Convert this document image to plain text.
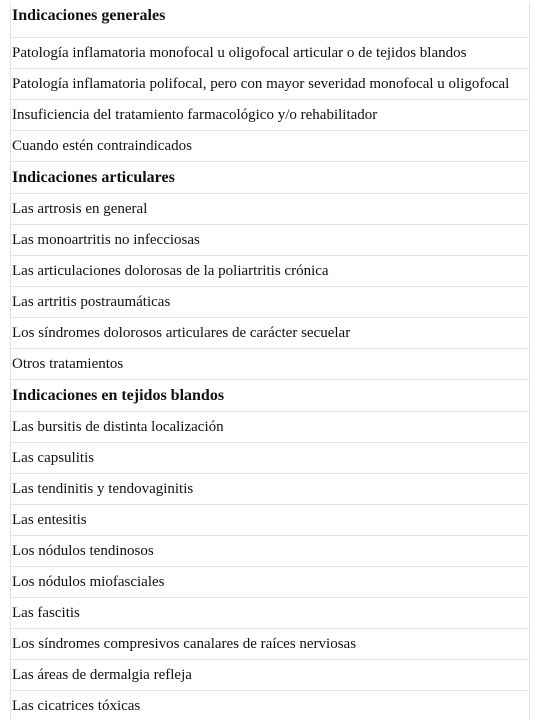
Indicaciones generales
Patología inflamatoria monofocal u oligofocal articular o de tejidos blandos
Patología inflamatoria polifocal, pero con mayor severidad monofocal u oligofocal
Insuficiencia del tratamiento farmacológico y/o rehabilitador
Cuando estén contraindicados
Indicaciones articulares
Las artrosis en general
Las monoartritis no infecciosas
Las articulaciones dolorosas de la poliartritis crónica
Las artritis postraumáticas
Los síndromes dolorosos articulares de carácter secuelar
Otros tratamientos
Indicaciones en tejidos blandos
Las bursitis de distinta localización
Las capsulitis
Las tendinitis y tendovaginitis
Las entesitis
Los nódulos tendinosos
Los nódulos miofasciales
Las fascitis
Los síndromes compresivos canalares de raíces nerviosas
Las áreas de dermalgia refleja
Las cicatrices tóxicas
